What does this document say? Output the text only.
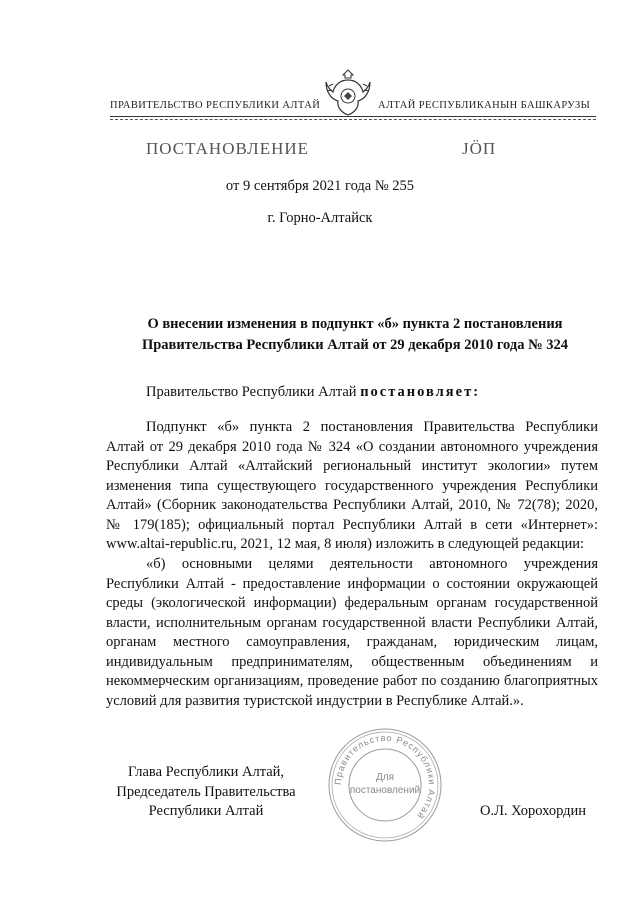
ПРАВИТЕЛЬСТВО РЕСПУБЛИКИ АЛТАЙ	АЛТАЙ РЕСПУБЛИКАНЫН БАШКАРУЗЫ
ПОСТАНОВЛЕНИЕ	ЈӦП
от 9 сентября 2021 года № 255
г. Горно-Алтайск
О внесении изменения в подпункт «б» пункта 2 постановления
Правительства Республики Алтай от 29 декабря 2010 года № 324
Правительство Республики Алтай постановляет:
Подпункт «б» пункта 2 постановления Правительства Республики Алтай от 29 декабря 2010 года № 324 «О создании автономного учреждения Республики Алтай «Алтайский региональный институт экологии» путем изменения типа существующего государственного учреждения Республики Алтай» (Сборник законодательства Республики Алтай, 2010, № 72(78); 2020, № 179(185); официальный портал Республики Алтай в сети «Интернет»: www.altai-republic.ru, 2021, 12 мая, 8 июля) изложить в следующей редакции:
«б) основными целями деятельности автономного учреждения Республики Алтай - предоставление информации о состоянии окружающей среды (экологической информации) федеральным органам государственной власти, исполнительным органам государственной власти Республики Алтай, органам местного самоуправления, гражданам, юридическим лицам, индивидуальным предпринимателям, общественным объединениям и некоммерческим организациям, проведение работ по созданию благоприятных условий для развития туристской индустрии в Республике Алтай.».
Глава Республики Алтай,
Председатель Правительства
Республики Алтай
Правительство Республики Алтай
Для
постановлений
О.Л. Хорохордин
